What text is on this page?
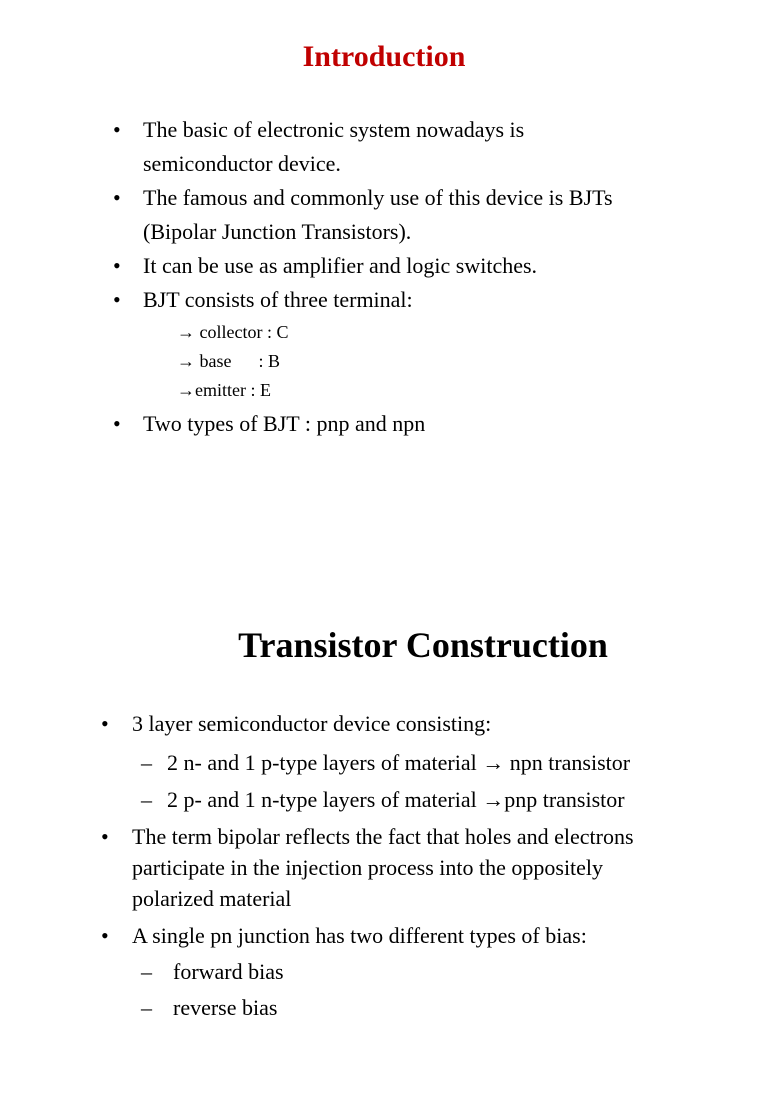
Introduction
• The basic of electronic system nowadays is
semiconductor device.
• The famous and commonly use of this device is BJTs
(Bipolar Junction Transistors).
• It can be use as amplifier and logic switches.
• BJT consists of three terminal:
→ collector : C
→ base      : B
→emitter : E
• Two types of BJT : pnp and npn
Transistor Construction
• 3 layer semiconductor device consisting:

–

2 n- and 1 p-type layers of material → npn transistor

–

2 p- and 1 n-type layers of material →pnp transistor

• The term bipolar reflects the fact that holes and electrons
participate in the injection process into the oppositely
polarized material
• A single pn junction has two different types of bias:

–

forward bias

–

reverse bias
